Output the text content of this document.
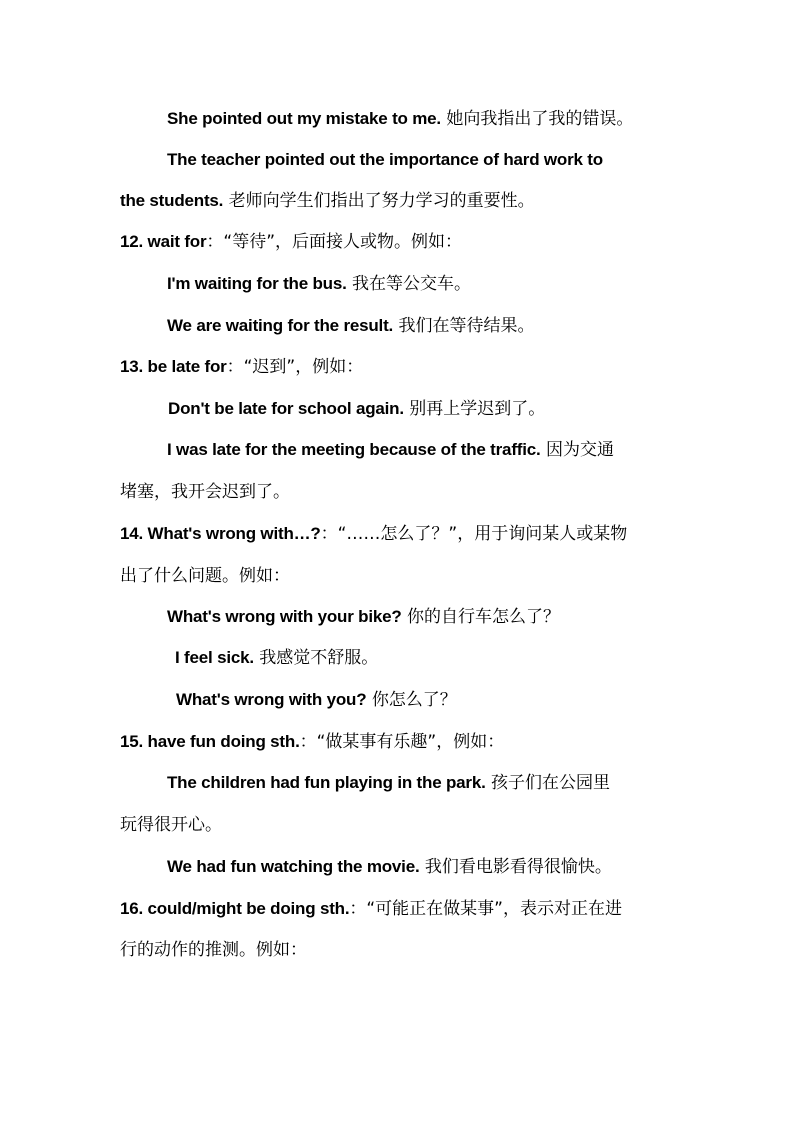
She pointed out my mistake to me. 她向我指出了我的错误。
The teacher pointed out the importance of hard work to
the students. 老师向学生们指出了努力学习的重要性。
12. wait for：“等待”，后面接人或物。例如：
I'm waiting for the bus. 我在等公交车。
We are waiting for the result. 我们在等待结果。
13. be late for：“迟到”，例如：
Don't be late for school again. 别再上学迟到了。
I was late for the meeting because of the traffic. 因为交通
堵塞，我开会迟到了。
14. What's wrong with…?：“……怎么了？”，用于询问某人或某物
出了什么问题。例如：
What's wrong with your bike? 你的自行车怎么了？
I feel sick. 我感觉不舒服。
What's wrong with you? 你怎么了？
15. have fun doing sth.：“做某事有乐趣”，例如：
The children had fun playing in the park. 孩子们在公园里
玩得很开心。
We had fun watching the movie. 我们看电影看得很愉快。
16. could/might be doing sth.：“可能正在做某事”，表示对正在进
行的动作的推测。例如：
